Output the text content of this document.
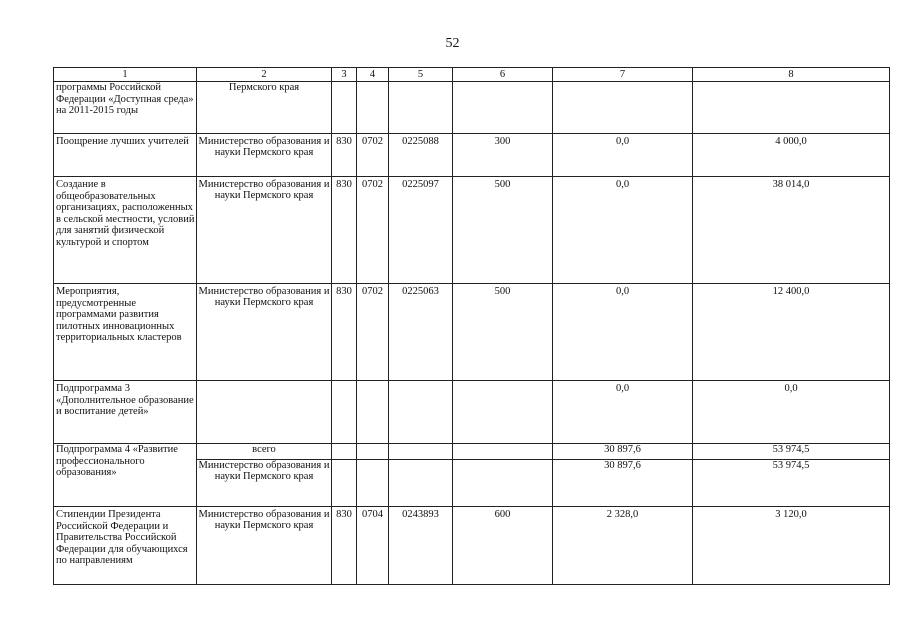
52
1	2	3	4	5	6	7	8
программы Российской Федерации «Доступная среда» на 2011-2015 годы	Пермского края						
Поощрение лучших учителей	Министерство образования и науки Пермского края	830	0702	0225088	300	0,0	4 000,0
Создание в общеобразовательных организациях, расположенных в сельской местности, условий для занятий физической культурой и спортом	Министерство образования и науки Пермского края	830	0702	0225097	500	0,0	38 014,0
Мероприятия, предусмотренные программами развития пилотных инновационных территориальных кластеров	Министерство образования и науки Пермского края	830	0702	0225063	500	0,0	12 400,0
Подпрограмма 3 «Дополнительное образование и воспитание детей»						0,0	0,0
Подпрограмма 4 «Развитие профессионального образования»	всего					30 897,6	53 974,5
	Министерство образования и науки Пермского края					30 897,6	53 974,5
Стипендии Президента Российской Федерации и Правительства Российской Федерации для обучающихся по направлениям	Министерство образования и науки Пермского края	830	0704	0243893	600	2 328,0	3 120,0
